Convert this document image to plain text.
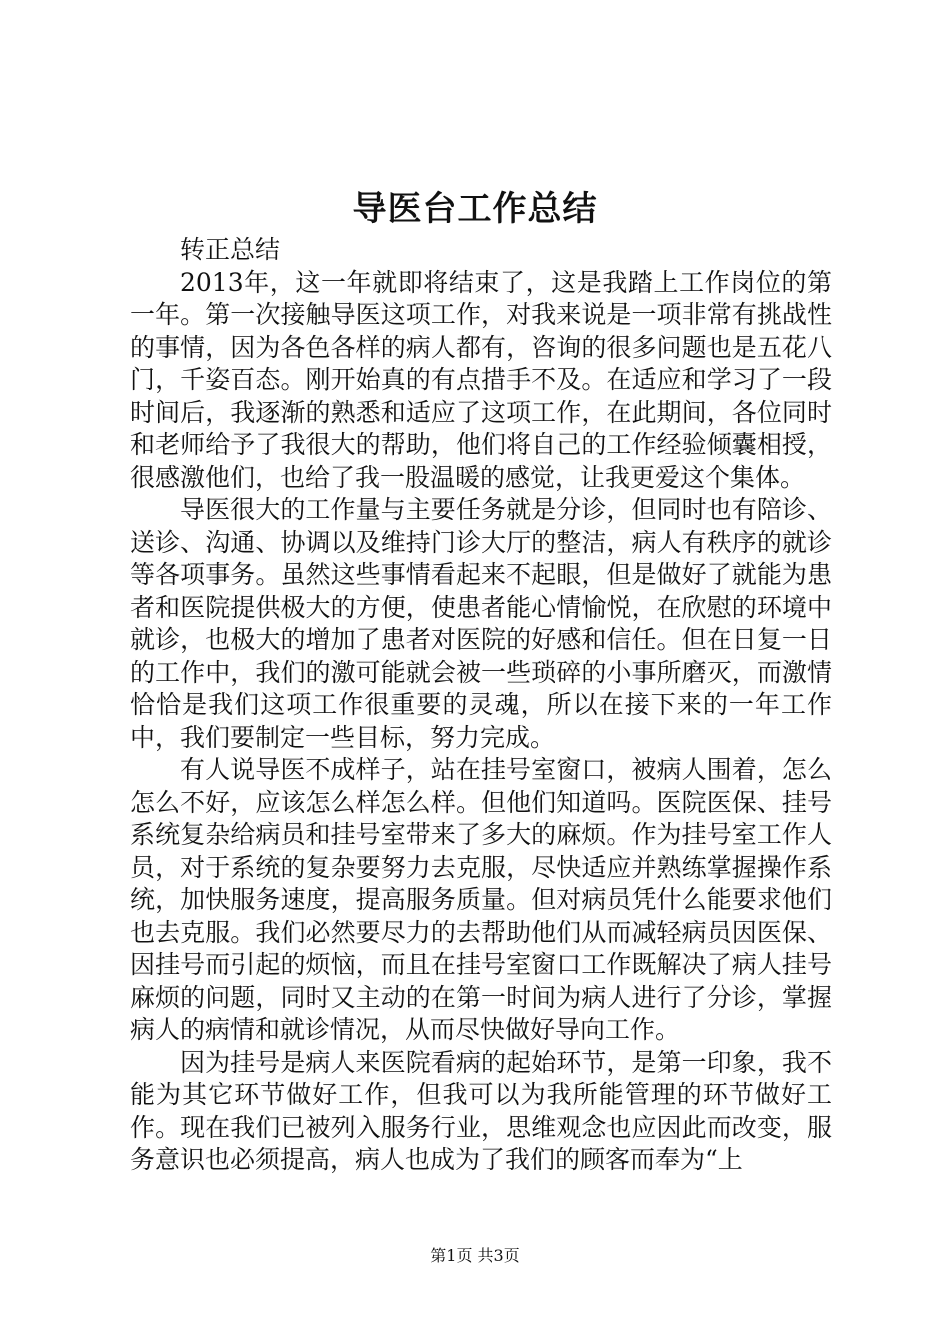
导医台工作总结

转正总结

2013年，这一年就即将结束了，这是我踏上工作岗位的第一年。第一次接触导医这项工作，对我来说是一项非常有挑战性的事情，因为各色各样的病人都有，咨询的很多问题也是五花八门，千姿百态。刚开始真的有点措手不及。在适应和学习了一段时间后，我逐渐的熟悉和适应了这项工作，在此期间，各位同时和老师给予了我很大的帮助，他们将自己的工作经验倾囊相授，很感激他们，也给了我一股温暖的感觉，让我更爱这个集体。

导医很大的工作量与主要任务就是分诊，但同时也有陪诊、送诊、沟通、协调以及维持门诊大厅的整洁，病人有秩序的就诊等各项事务。虽然这些事情看起来不起眼，但是做好了就能为患者和医院提供极大的方便，使患者能心情愉悦，在欣慰的环境中就诊，也极大的增加了患者对医院的好感和信任。但在日复一日的工作中，我们的激可能就会被一些琐碎的小事所磨灭，而激情恰恰是我们这项工作很重要的灵魂，所以在接下来的一年工作中，我们要制定一些目标，努力完成。

有人说导医不成样子，站在挂号室窗口，被病人围着，怎么怎么不好，应该怎么样怎么样。但他们知道吗。医院医保、挂号系统复杂给病员和挂号室带来了多大的麻烦。作为挂号室工作人员，对于系统的复杂要努力去克服，尽快适应并熟练掌握操作系统，加快服务速度，提高服务质量。但对病员凭什么能要求他们也去克服。我们必然要尽力的去帮助他们从而减轻病员因医保、因挂号而引起的烦恼，而且在挂号室窗口工作既解决了病人挂号麻烦的问题，同时又主动的在第一时间为病人进行了分诊，掌握病人的病情和就诊情况，从而尽快做好导向工作。

因为挂号是病人来医院看病的起始环节，是第一印象，我不能为其它环节做好工作，但我可以为我所能管理的环节做好工作。现在我们已被列入服务行业，思维观念也应因此而改变，服务意识也必须提高，病人也成为了我们的顾客而奉为“上

第1页 共3页
